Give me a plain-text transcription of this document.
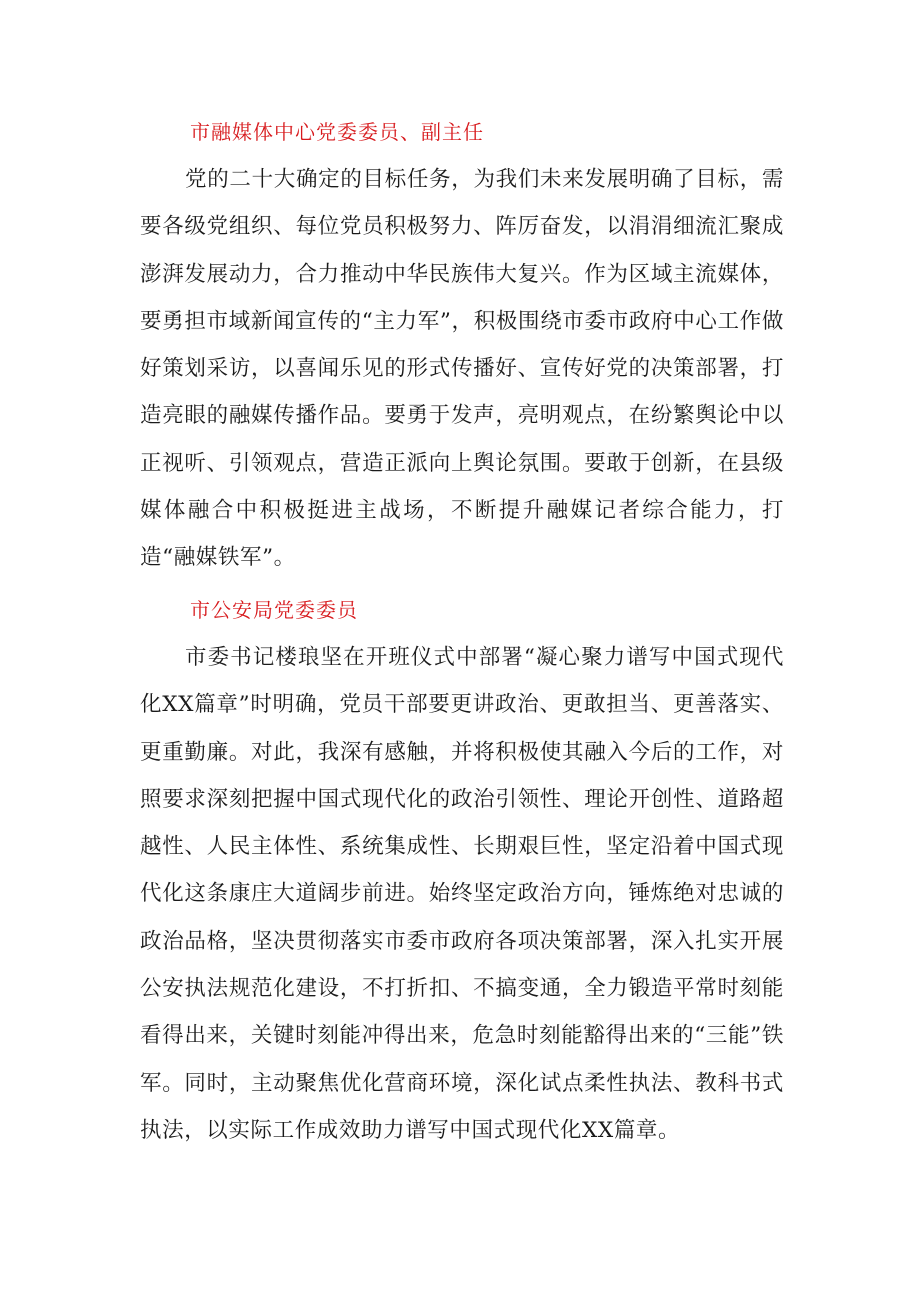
市融媒体中心党委委员、副主任

党的二十大确定的目标任务，为我们未来发展明确了目标，需要各级党组织、每位党员积极努力、阵厉奋发，以涓涓细流汇聚成澎湃发展动力，合力推动中华民族伟大复兴。作为区域主流媒体，要勇担市域新闻宣传的“主力军”，积极围绕市委市政府中心工作做好策划采访，以喜闻乐见的形式传播好、宣传好党的决策部署，打造亮眼的融媒传播作品。要勇于发声，亮明观点，在纷繁舆论中以正视听、引领观点，营造正派向上舆论氛围。要敢于创新，在县级媒体融合中积极挺进主战场，不断提升融媒记者综合能力，打造“融媒铁军”。

市公安局党委委员

市委书记楼琅坚在开班仪式中部署“凝心聚力谱写中国式现代化XX篇章”时明确，党员干部要更讲政治、更敢担当、更善落实、更重勤廉。对此，我深有感触，并将积极使其融入今后的工作，对照要求深刻把握中国式现代化的政治引领性、理论开创性、道路超越性、人民主体性、系统集成性、长期艰巨性，坚定沿着中国式现代化这条康庄大道阔步前进。始终坚定政治方向，锤炼绝对忠诚的政治品格，坚决贯彻落实市委市政府各项决策部署，深入扎实开展公安执法规范化建设，不打折扣、不搞变通，全力锻造平常时刻能看得出来，关键时刻能冲得出来，危急时刻能豁得出来的“三能”铁军。同时，主动聚焦优化营商环境，深化试点柔性执法、教科书式执法，以实际工作成效助力谱写中国式现代化XX篇章。
